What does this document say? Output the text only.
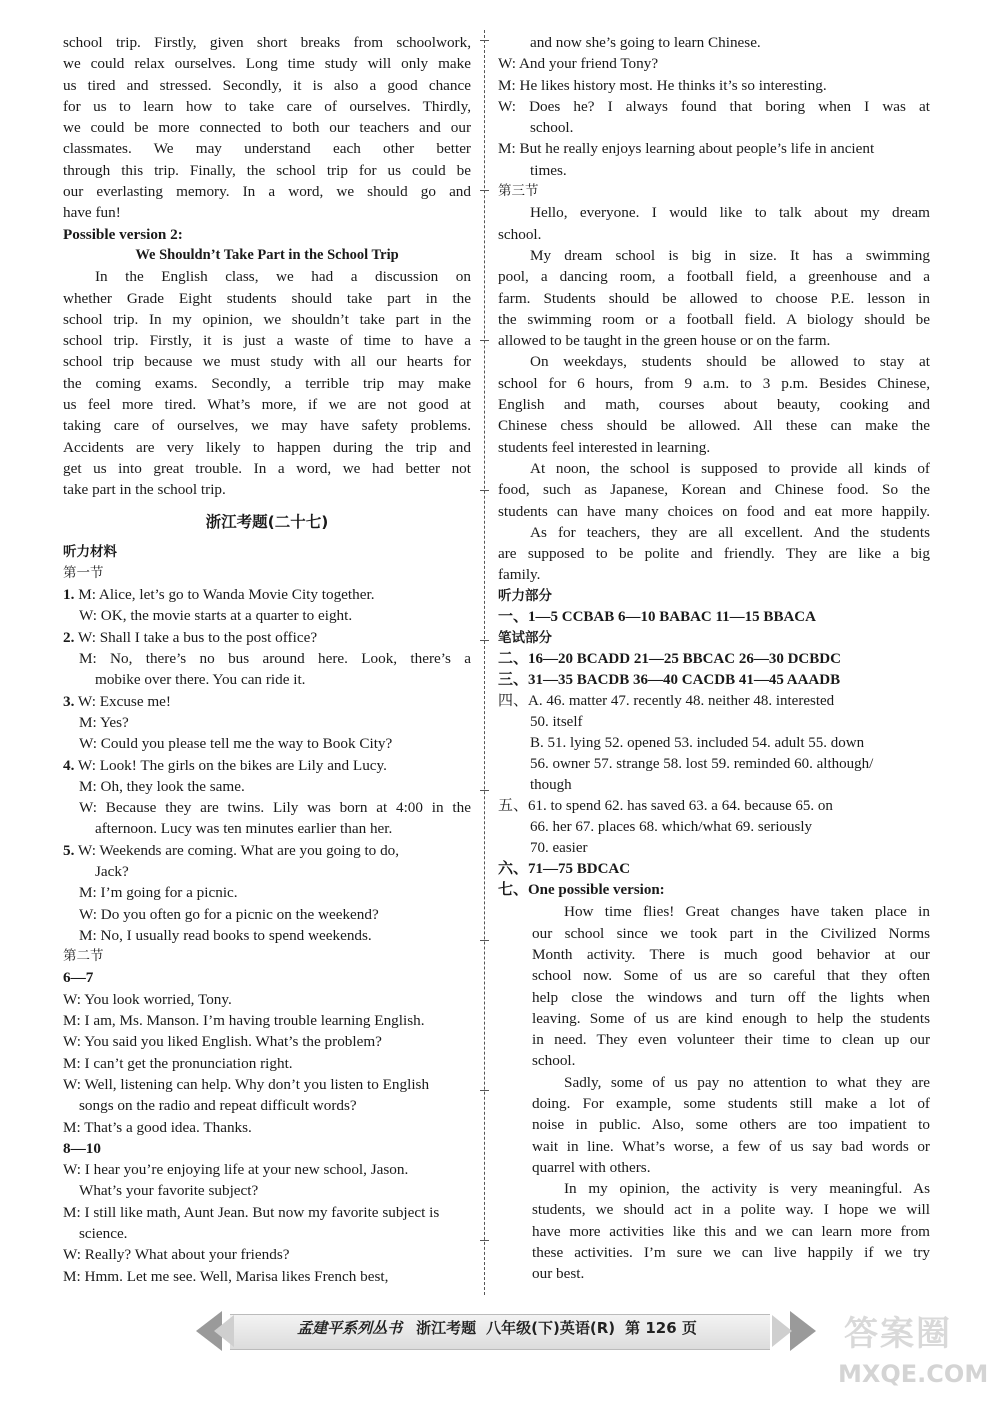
school trip. Firstly, given short breaks from schoolwork,
we could relax ourselves. Long time study will only make
us tired and stressed. Secondly, it is also a good chance
for us to learn how to take care of ourselves. Thirdly,
we could be more connected to both our teachers and our
classmates. We may understand each other better
through this trip. Finally, the school trip for us could be
our everlasting memory. In a word, we should go and
have fun!
Possible version 2:
We Shouldn’t Take Part in the School Trip
In the English class, we had a discussion on
whether Grade Eight students should take part in the
school trip. In my opinion, we shouldn’t take part in the
school trip. Firstly, it is just a waste of time to have a
school trip because we must study with all our hearts for
the coming exams. Secondly, a terrible trip may make
us feel more tired. What’s more, if we are not good at
taking care of ourselves, we may have safety problems.
Accidents are very likely to happen during the trip and
get us into great trouble. In a word, we had better not
take part in the school trip.
浙江考题(二十七)
听力材料
第一节
1. M: Alice, let’s go to Wanda Movie City together.
W: OK, the movie starts at a quarter to eight.
2. W: Shall I take a bus to the post office?
M: No, there’s no bus around here. Look, there’s a
mobike over there. You can ride it.
3. W: Excuse me!
M: Yes?
W: Could you please tell me the way to Book City?
4. W: Look! The girls on the bikes are Lily and Lucy.
M: Oh, they look the same.
W: Because they are twins. Lily was born at 4:00 in the
afternoon. Lucy was ten minutes earlier than her.
5. W: Weekends are coming. What are you going to do,
Jack?
M: I’m going for a picnic.
W: Do you often go for a picnic on the weekend?
M: No, I usually read books to spend weekends.
第二节
6—7
W: You look worried, Tony.
M: I am, Ms. Manson. I’m having trouble learning English.
W: You said you liked English. What’s the problem?
M: I can’t get the pronunciation right.
W: Well, listening can help. Why don’t you listen to English
songs on the radio and repeat difficult words?
M: That’s a good idea. Thanks.
8—10
W: I hear you’re enjoying life at your new school, Jason.
What’s your favorite subject?
M: I still like math, Aunt Jean. But now my favorite subject is
science.
W: Really? What about your friends?
M: Hmm. Let me see. Well, Marisa likes French best,
and now she’s going to learn Chinese.
W: And your friend Tony?
M: He likes history most. He thinks it’s so interesting.
W: Does he? I always found that boring when I was at
school.
M: But he really enjoys learning about people’s life in ancient
times.
第三节
Hello, everyone. I would like to talk about my dream
school.
My dream school is big in size. It has a swimming
pool, a dancing room, a football field, a greenhouse and a
farm. Students should be allowed to choose P.E. lesson in
the swimming room or a football field. A biology should be
allowed to be taught in the green house or on the farm.
On weekdays, students should be allowed to stay at
school for 6 hours, from 9 a.m. to 3 p.m. Besides Chinese,
English and math, courses about beauty, cooking and
Chinese chess should be allowed. All these can make the
students feel interested in learning.
At noon, the school is supposed to provide all kinds of
food, such as Japanese, Korean and Chinese food. So the
students can have many choices on food and eat more happily.
As for teachers, they are all excellent. And the students
are supposed to be polite and friendly. They are like a big
family.
听力部分
一、1—5 CCBAB 6—10 BABAC 11—15 BBACA
笔试部分
二、16—20 BCADD 21—25 BBCAC 26—30 DCBDC
三、31—35 BACDB 36—40 CACDB 41—45 AAADB
四、A. 46. matter 47. recently 48. neither 48. interested
50. itself
B. 51. lying 52. opened 53. included 54. adult 55. down
56. owner 57. strange 58. lost 59. reminded 60. although/
though
五、61. to spend 62. has saved 63. a 64. because 65. on
66. her 67. places 68. which/what 69. seriously
70. easier
六、71—75 BDCAC
七、One possible version:
How time flies! Great changes have taken place in
our school since we took part in the Civilized Norms
Month activity. There is much good behavior at our
school now. Some of us are so careful that they often
help close the windows and turn off the lights when
leaving. Some of us are kind enough to help the students
in need. They even volunteer their time to clean up our
school.
Sadly, some of us pay no attention to what they are
doing. For example, some students still make a lot of
noise in public. Also, some others are too impatient to
wait in line. What’s worse, a few of us say bad words or
quarrel with others.
In my opinion, the activity is very meaningful. As
students, we should act in a polite way. I hope we will
have more activities like this and we can learn more from
these activities. I’m sure we can live happily if we try
our best.
孟建平系列丛书 浙江考题 八年级(下)英语(R) 第 126 页	答案圈
MXQE.COM
